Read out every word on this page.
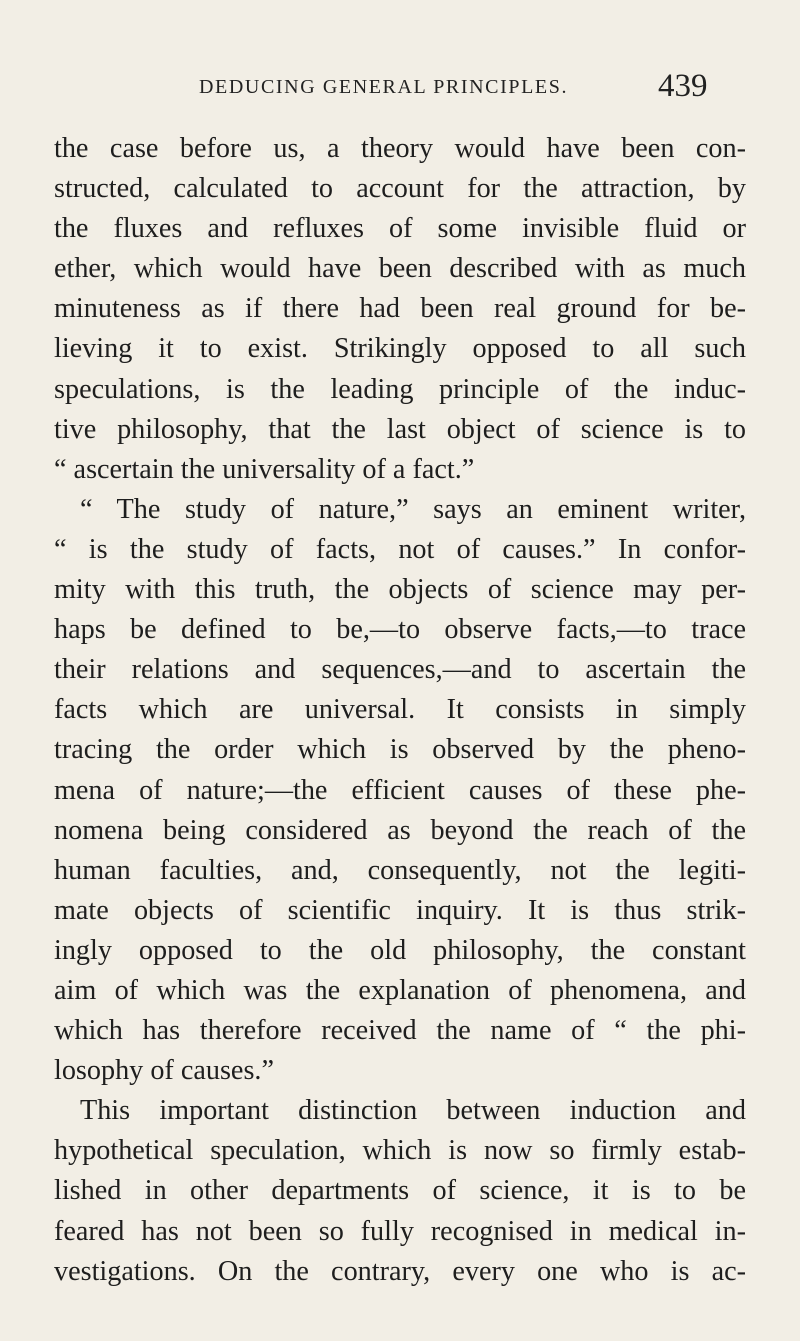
DEDUCING GENERAL PRINCIPLES.	439
the case before us, a theory would have been con-
structed, calculated to account for the attraction, by
the fluxes and refluxes of some invisible fluid or
ether, which would have been described with as much
minuteness as if there had been real ground for be-
lieving it to exist. Strikingly opposed to all such
speculations, is the leading principle of the induc-
tive philosophy, that the last object of science is to
“ ascertain the universality of a fact.”
“ The study of nature,” says an eminent writer,
“ is the study of facts, not of causes.” In confor-
mity with this truth, the objects of science may per-
haps be defined to be,—to observe facts,—to trace
their relations and sequences,—and to ascertain the
facts which are universal. It consists in simply
tracing the order which is observed by the pheno-
mena of nature;—the efficient causes of these phe-
nomena being considered as beyond the reach of the
human faculties, and, consequently, not the legiti-
mate objects of scientific inquiry. It is thus strik-
ingly opposed to the old philosophy, the constant
aim of which was the explanation of phenomena, and
which has therefore received the name of “ the phi-
losophy of causes.”
This important distinction between induction and
hypothetical speculation, which is now so firmly estab-
lished in other departments of science, it is to be
feared has not been so fully recognised in medical in-
vestigations. On the contrary, every one who is ac-
